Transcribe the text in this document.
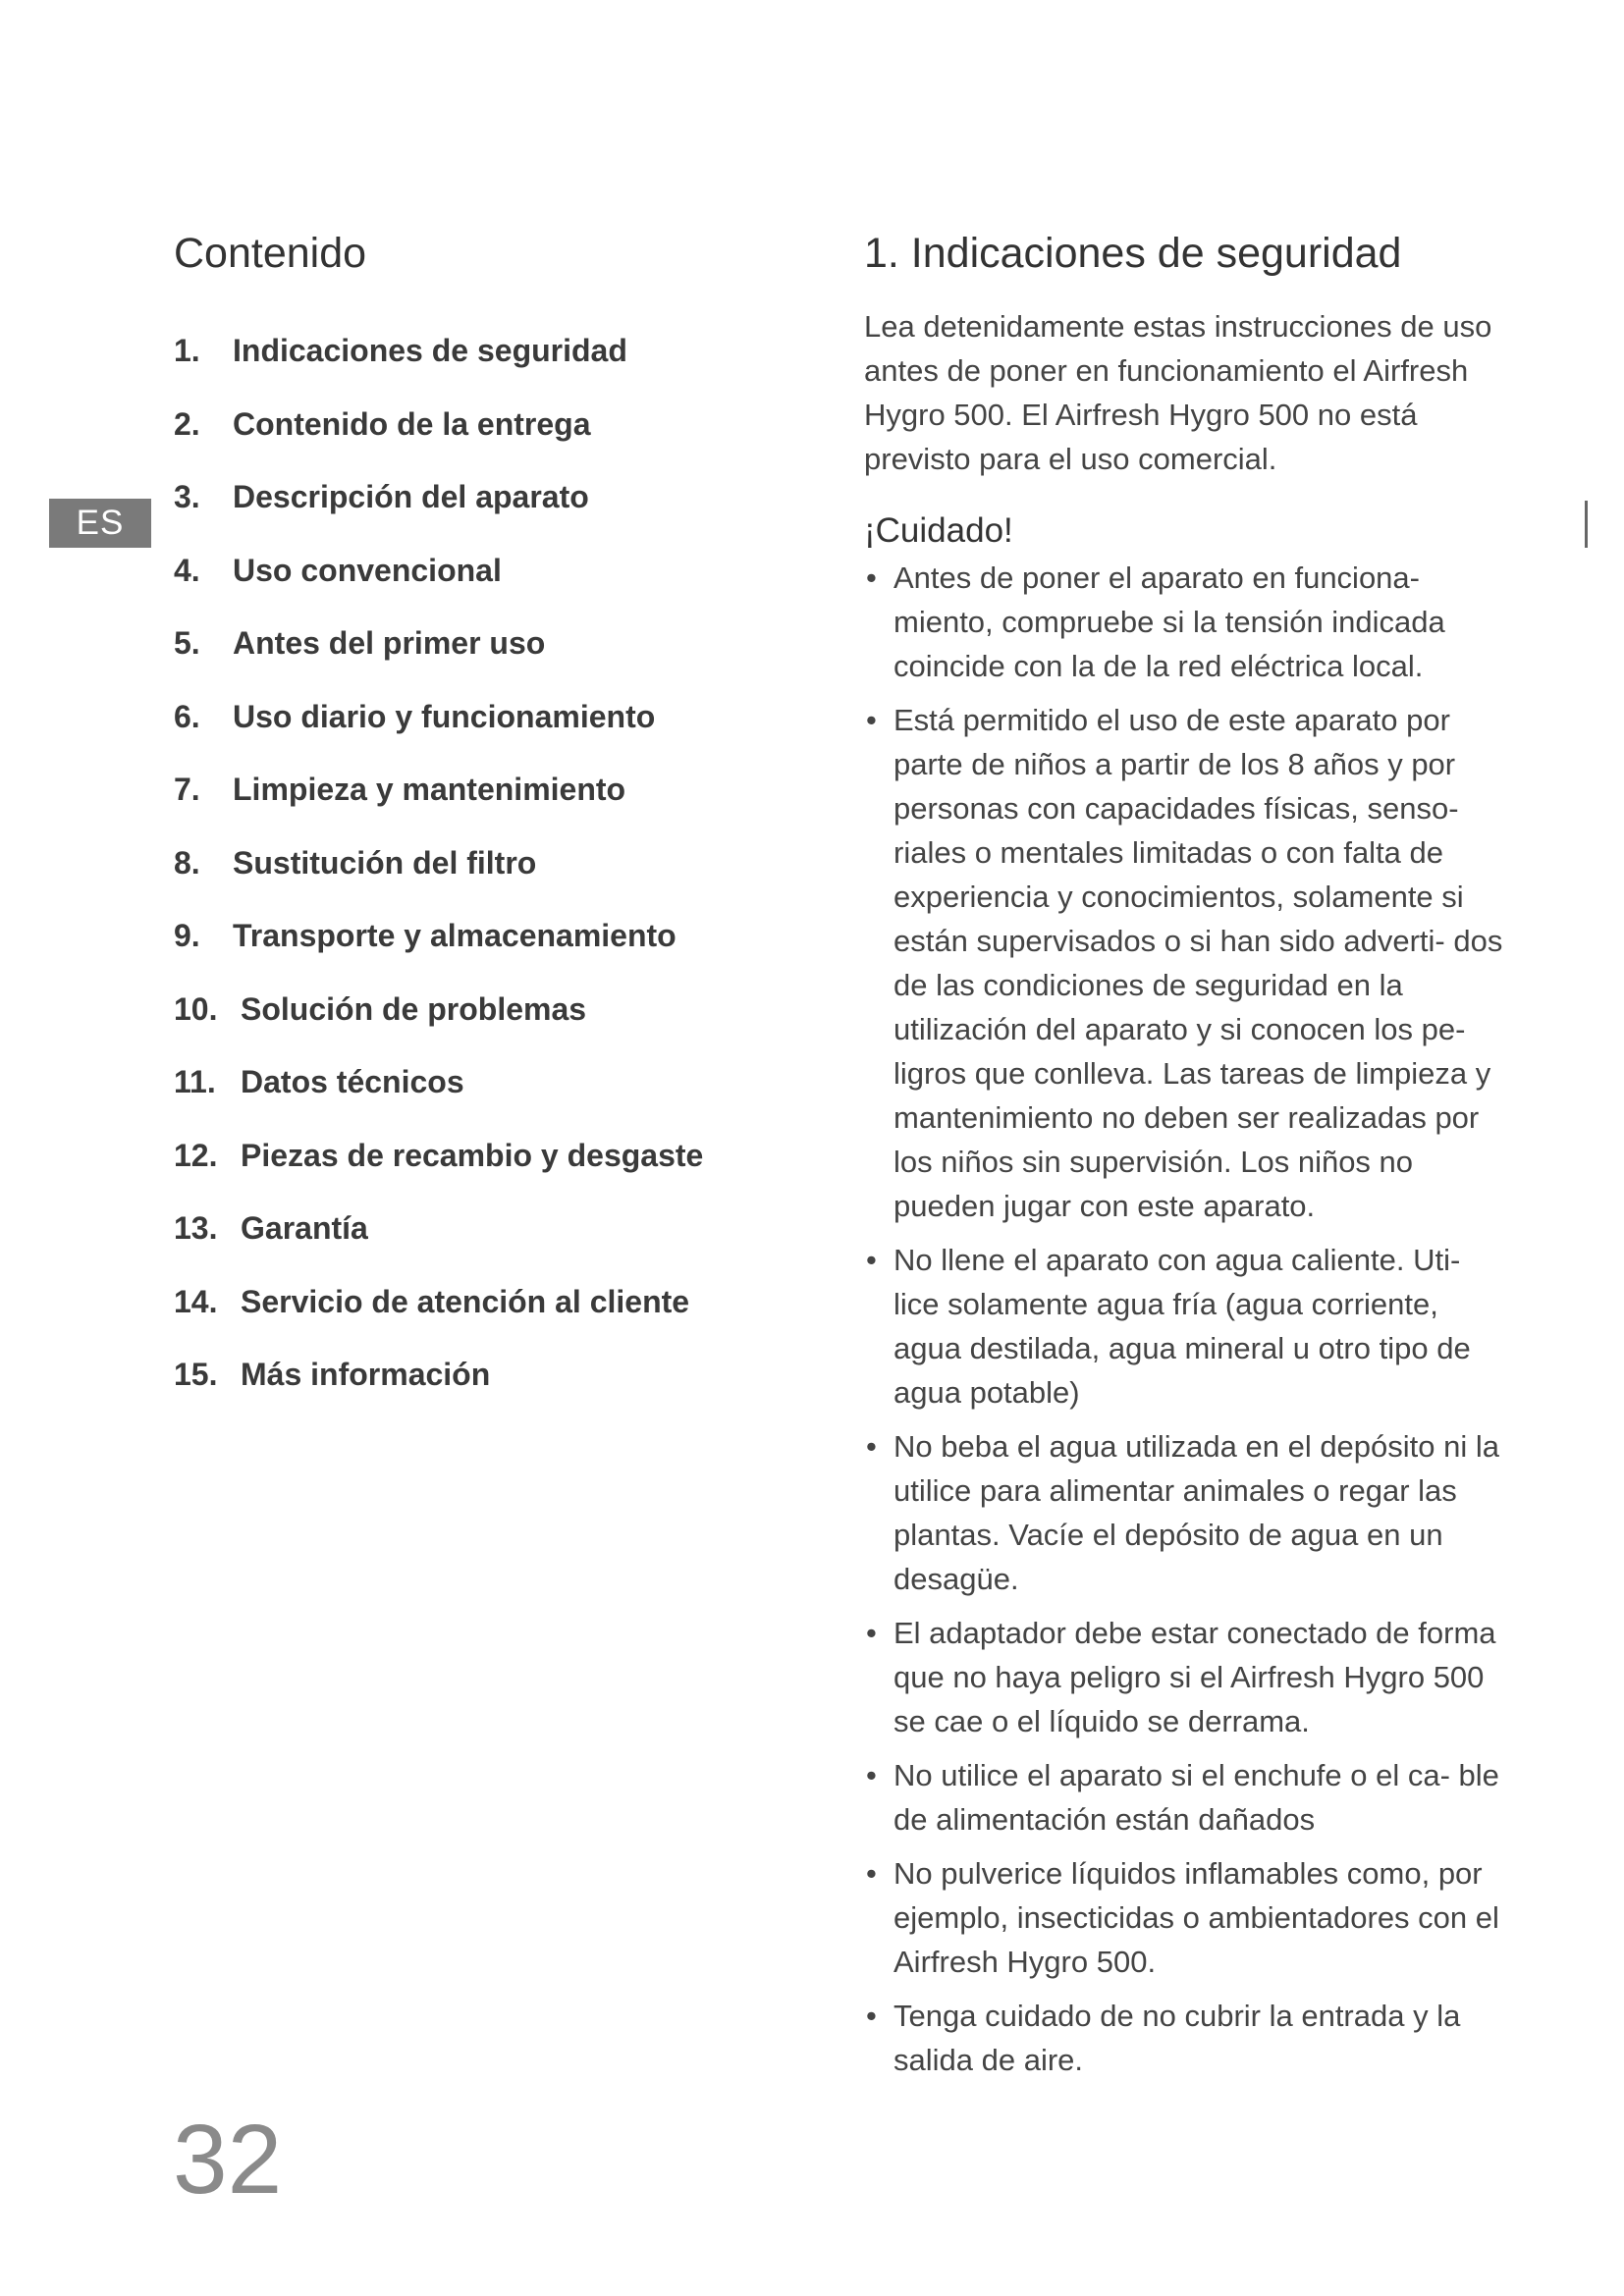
ES
Contenido
1.	Indicaciones de seguridad
2.	Contenido de la entrega
3.	Descripción del aparato
4.	Uso convencional
5.	Antes del primer uso
6.	Uso diario y funcionamiento
7.	Limpieza y mantenimiento
8.	Sustitución del filtro
9.	Transporte y almacenamiento
10. Solución de problemas
11. Datos técnicos
12. Piezas de recambio y desgaste
13. Garantía
14. Servicio de atención al cliente
15. Más información
1. Indicaciones de seguridad

Lea detenidamente estas instrucciones de uso antes de poner en funcionamiento el Airfresh Hygro 500. El Airfresh Hygro 500 no está previsto para el uso comercial.

¡Cuidado!
• Antes de poner el aparato en funciona- miento, compruebe si la tensión indicada coincide con la de la red eléctrica local.
• Está permitido el uso de este aparato por parte de niños a partir de los 8 años y por personas con capacidades físicas, senso- riales o mentales limitadas o con falta de experiencia y conocimientos, solamente si están supervisados o si han sido adverti- dos de las condiciones de seguridad en la utilización del aparato y si conocen los pe- ligros que conlleva. Las tareas de limpieza y mantenimiento no deben ser realizadas por los niños sin supervisión. Los niños no pueden jugar con este aparato.
• No llene el aparato con agua caliente. Uti- lice solamente agua fría (agua corriente, agua destilada, agua mineral u otro tipo de agua potable)
• No beba el agua utilizada en el depósito ni la utilice para alimentar animales o regar las plantas. Vacíe el depósito de agua en un desagüe.
• El adaptador debe estar conectado de forma que no haya peligro si el Airfresh Hygro 500 se cae o el líquido se derrama.
• No utilice el aparato si el enchufe o el ca- ble de alimentación están dañados
• No pulverice líquidos inflamables como, por ejemplo, insecticidas o ambientadores con el Airfresh Hygro 500.
• Tenga cuidado de no cubrir la entrada y la salida de aire.
32
